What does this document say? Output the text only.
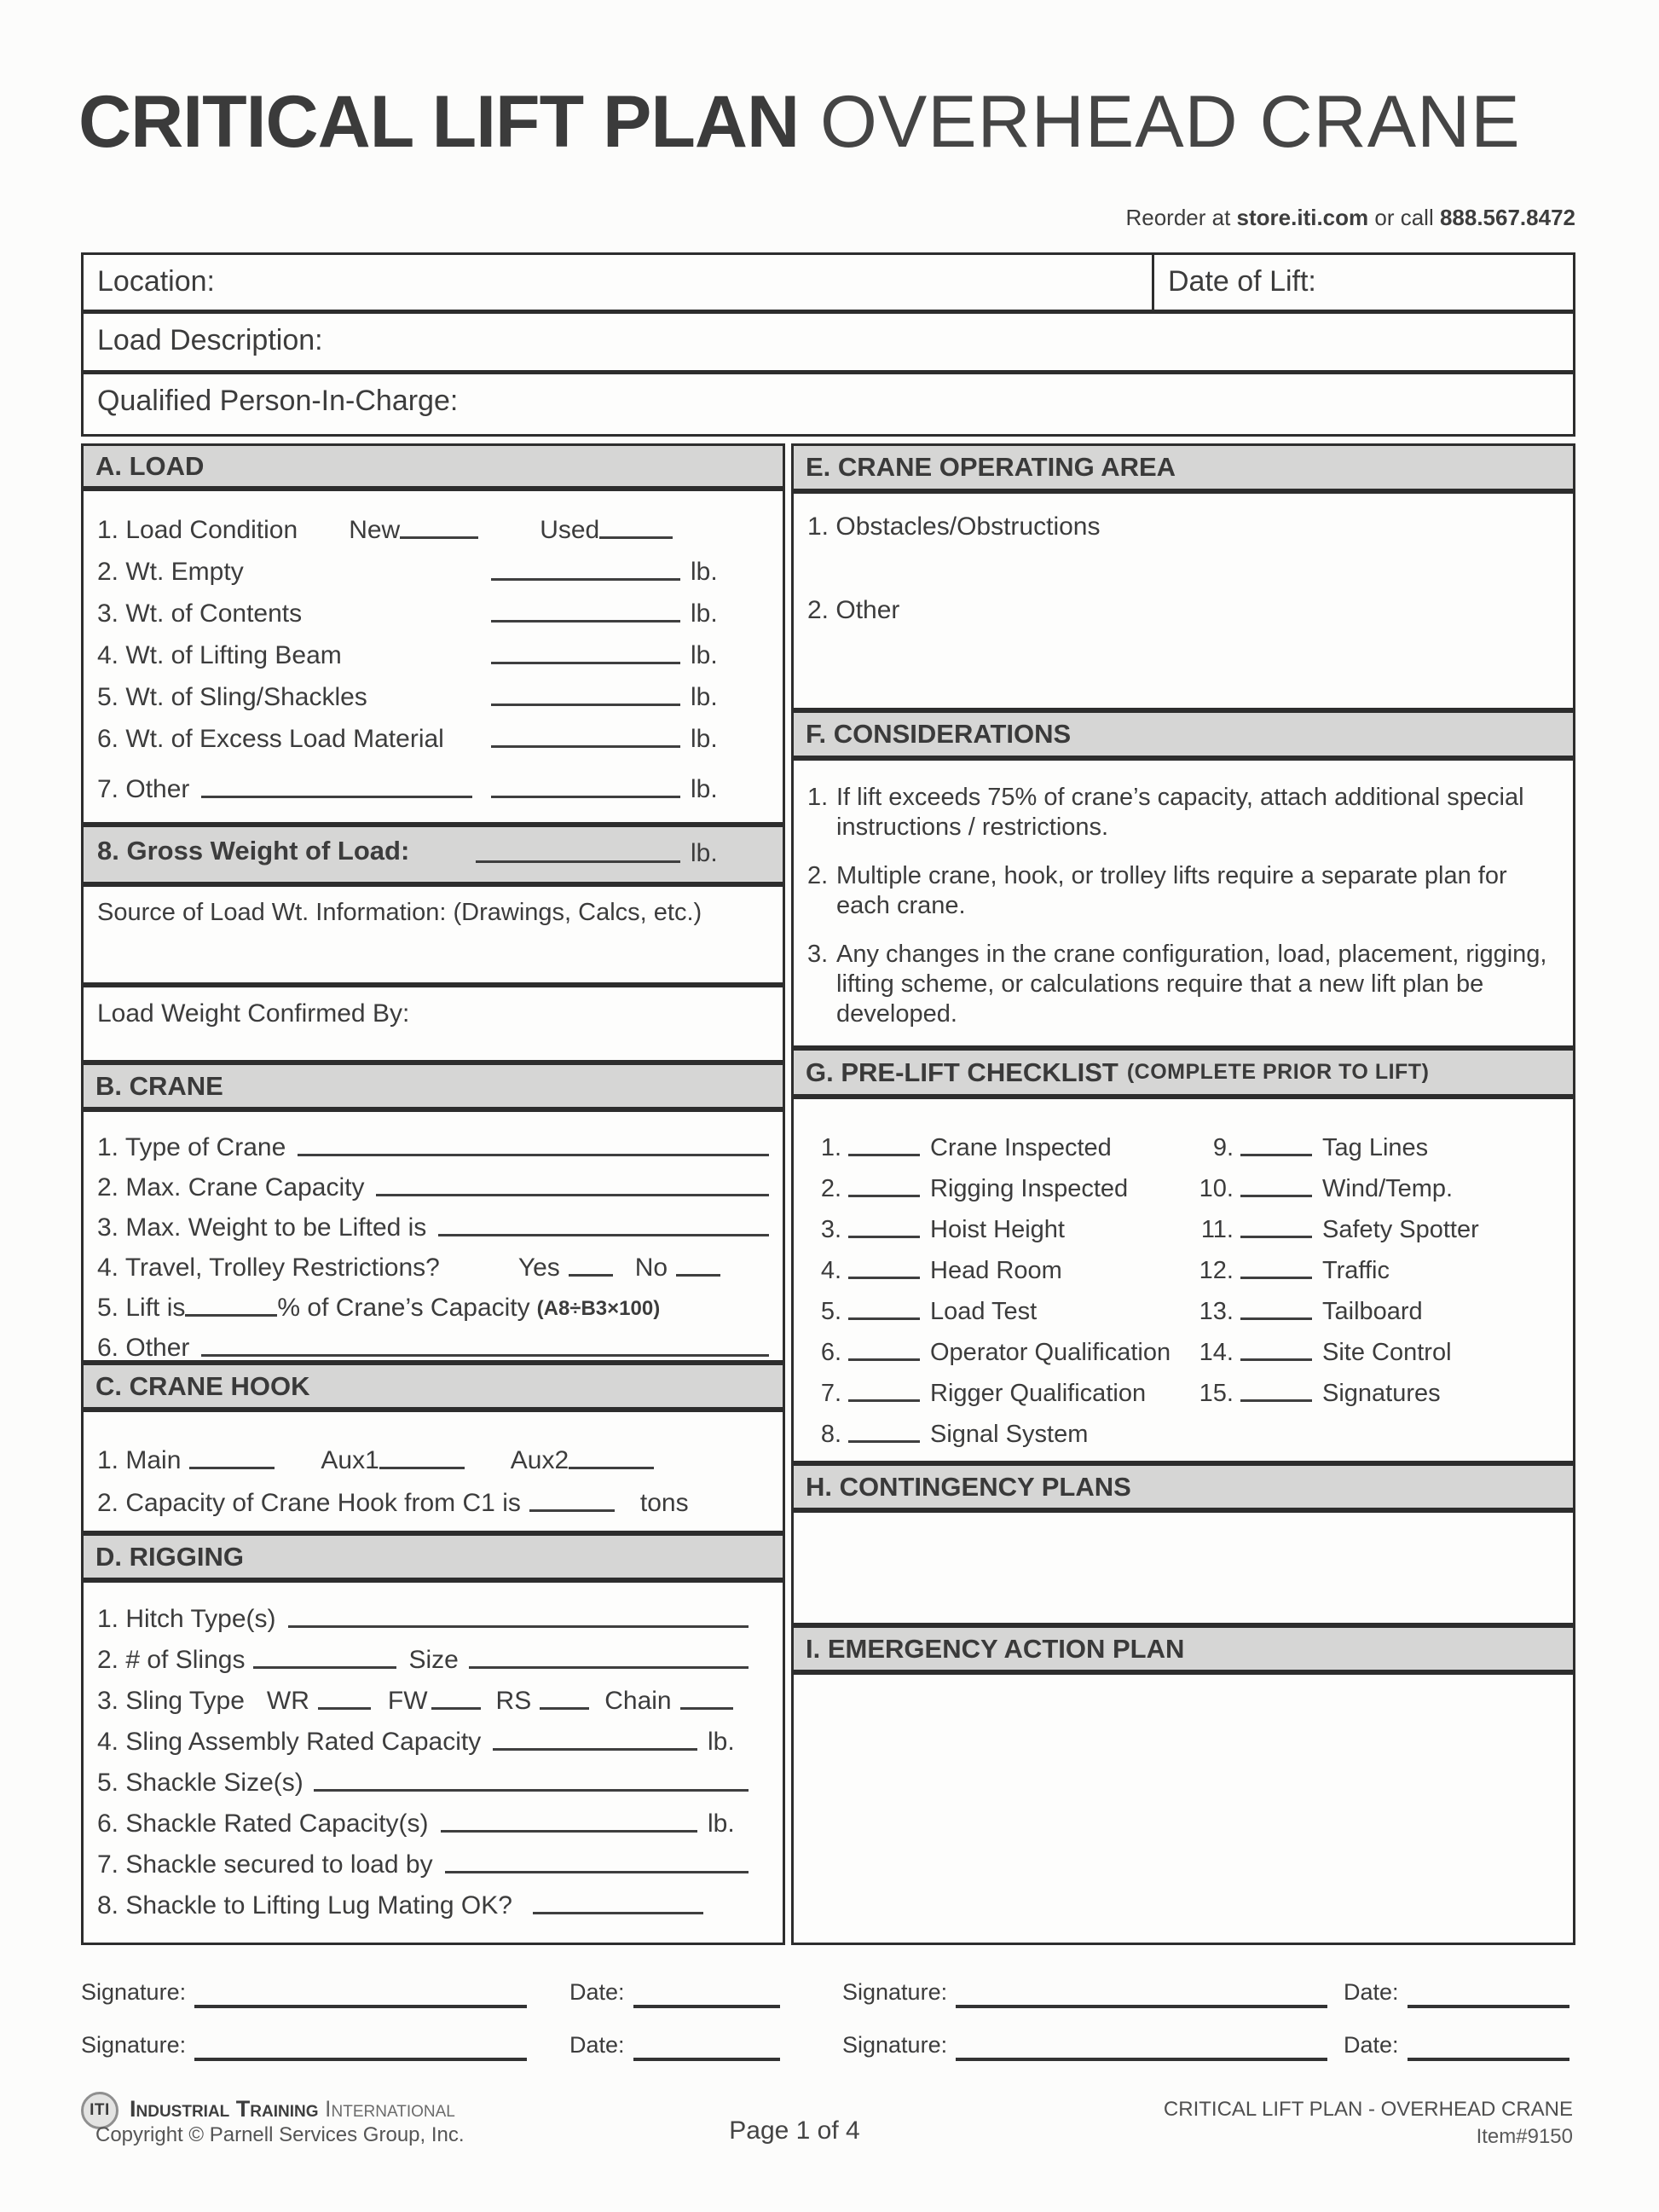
CRITICAL LIFT PLAN OVERHEAD CRANE
Reorder at store.iti.com or call 888.567.8472
Location:	Date of Lift:
Load Description:
Qualified Person-In-Charge:
A. LOAD
1. Load Condition New	Used
2. Wt. Empty	lb.
3. Wt. of Contents	lb.
4. Wt. of Lifting Beam	lb.
5. Wt. of Sling/Shackles	lb.
6. Wt. of Excess Load Material	lb.
7. Other	lb.
8. Gross Weight of Load:	lb.
Source of Load Wt. Information: (Drawings, Calcs, etc.)
Load Weight Confirmed By:
B. CRANE
1. Type of Crane
2. Max. Crane Capacity
3. Max. Weight to be Lifted is
4. Travel, Trolley Restrictions?	Yes	No
5. Lift is	% of Crane’s Capacity (A8÷B3×100)
6. Other
C. CRANE HOOK
1. Main	Aux1	Aux2
2. Capacity of Crane Hook from C1 is	tons
D. RIGGING
1. Hitch Type(s)
2. # of Slings	Size
3. Sling Type WR	FW	RS	Chain
4. Sling Assembly Rated Capacity	lb.
5. Shackle Size(s)
6. Shackle Rated Capacity(s)	lb.
7. Shackle secured to load by
8. Shackle to Lifting Lug Mating OK?
E. CRANE OPERATING AREA
1. Obstacles/Obstructions
2. Other
F. CONSIDERATIONS
1. If lift exceeds 75% of crane’s capacity, attach additional special instructions / restrictions.
2. Multiple crane, hook, or trolley lifts require a separate plan for each crane.
3. Any changes in the crane configuration, load, placement, rigging, lifting scheme, or calculations require that a new lift plan be developed.
G. PRE-LIFT CHECKLIST (COMPLETE PRIOR TO LIFT)
1.	Crane Inspected
2.	Rigging Inspected
3.	Hoist Height
4.	Head Room
5.	Load Test
6.	Operator Qualification
7.	Rigger Qualification
8.	Signal System
9.	Tag Lines
10.	Wind/Temp.
11.	Safety Spotter
12.	Traffic
13.	Tailboard
14.	Site Control
15.	Signatures
H. CONTINGENCY PLANS
I. EMERGENCY ACTION PLAN
Signature:	Date:	Signature:	Date:
Signature:	Date:	Signature:	Date:
ITI Industrial Training International
Copyright © Parnell Services Group, Inc.	Page 1 of 4
CRITICAL LIFT PLAN - OVERHEAD CRANE
Item#9150
